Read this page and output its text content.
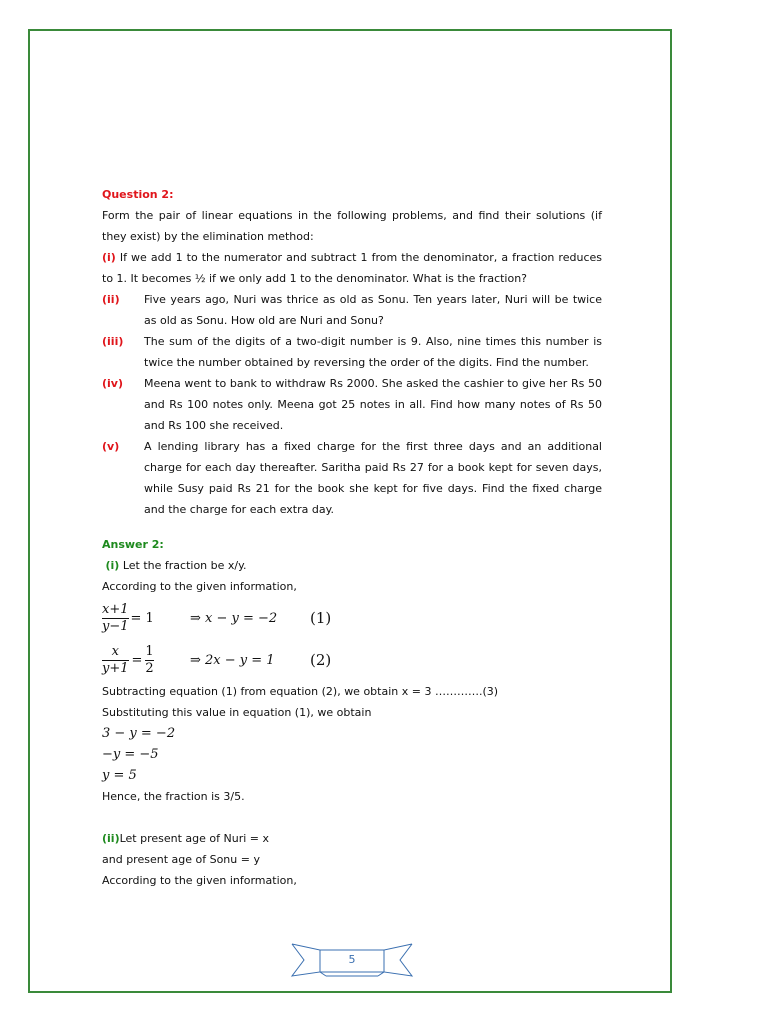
Question 2:

Form the pair of linear equations in the following problems, and find their solutions (if they exist) by the elimination method:

(i) If we add 1 to the numerator and subtract 1 from the denominator, a fraction reduces to 1. It becomes ½ if we only add 1 to the denominator. What is the fraction?

(ii)	Five years ago, Nuri was thrice as old as Sonu. Ten years later, Nuri will be twice as old as Sonu. How old are Nuri and Sonu?
(iii)	The sum of the digits of a two-digit number is 9. Also, nine times this number is twice the number obtained by reversing the order of the digits. Find the number.
(iv)	Meena went to bank to withdraw Rs 2000. She asked the cashier to give her Rs 50 and Rs 100 notes only. Meena got 25 notes in all. Find how many notes of Rs 50 and Rs 100 she received.
(v)	A lending library has a fixed charge for the first three days and an additional charge for each day thereafter. Saritha paid Rs 27 for a book kept for seven days, while Susy paid Rs 21 for the book she kept for five days. Find the fixed charge and the charge for each extra day.

Answer 2:

(i) Let the fraction be x/y.

According to the given information,

$\frac{x+1}{y-1} = 1$	⇒ x − y = −2	(1)
$\frac{x}{y+1} = \frac{1}{2}$	⇒ 2x − y = 1	(2)

Subtracting equation (1) from equation (2), we obtain x = 3 ………….(3)

Substituting this value in equation (1), we obtain

3 − y = −2

−y = −5

y = 5

Hence, the fraction is 3/5.

(ii)Let present age of Nuri = x

and present age of Sonu = y

According to the given information,

5
